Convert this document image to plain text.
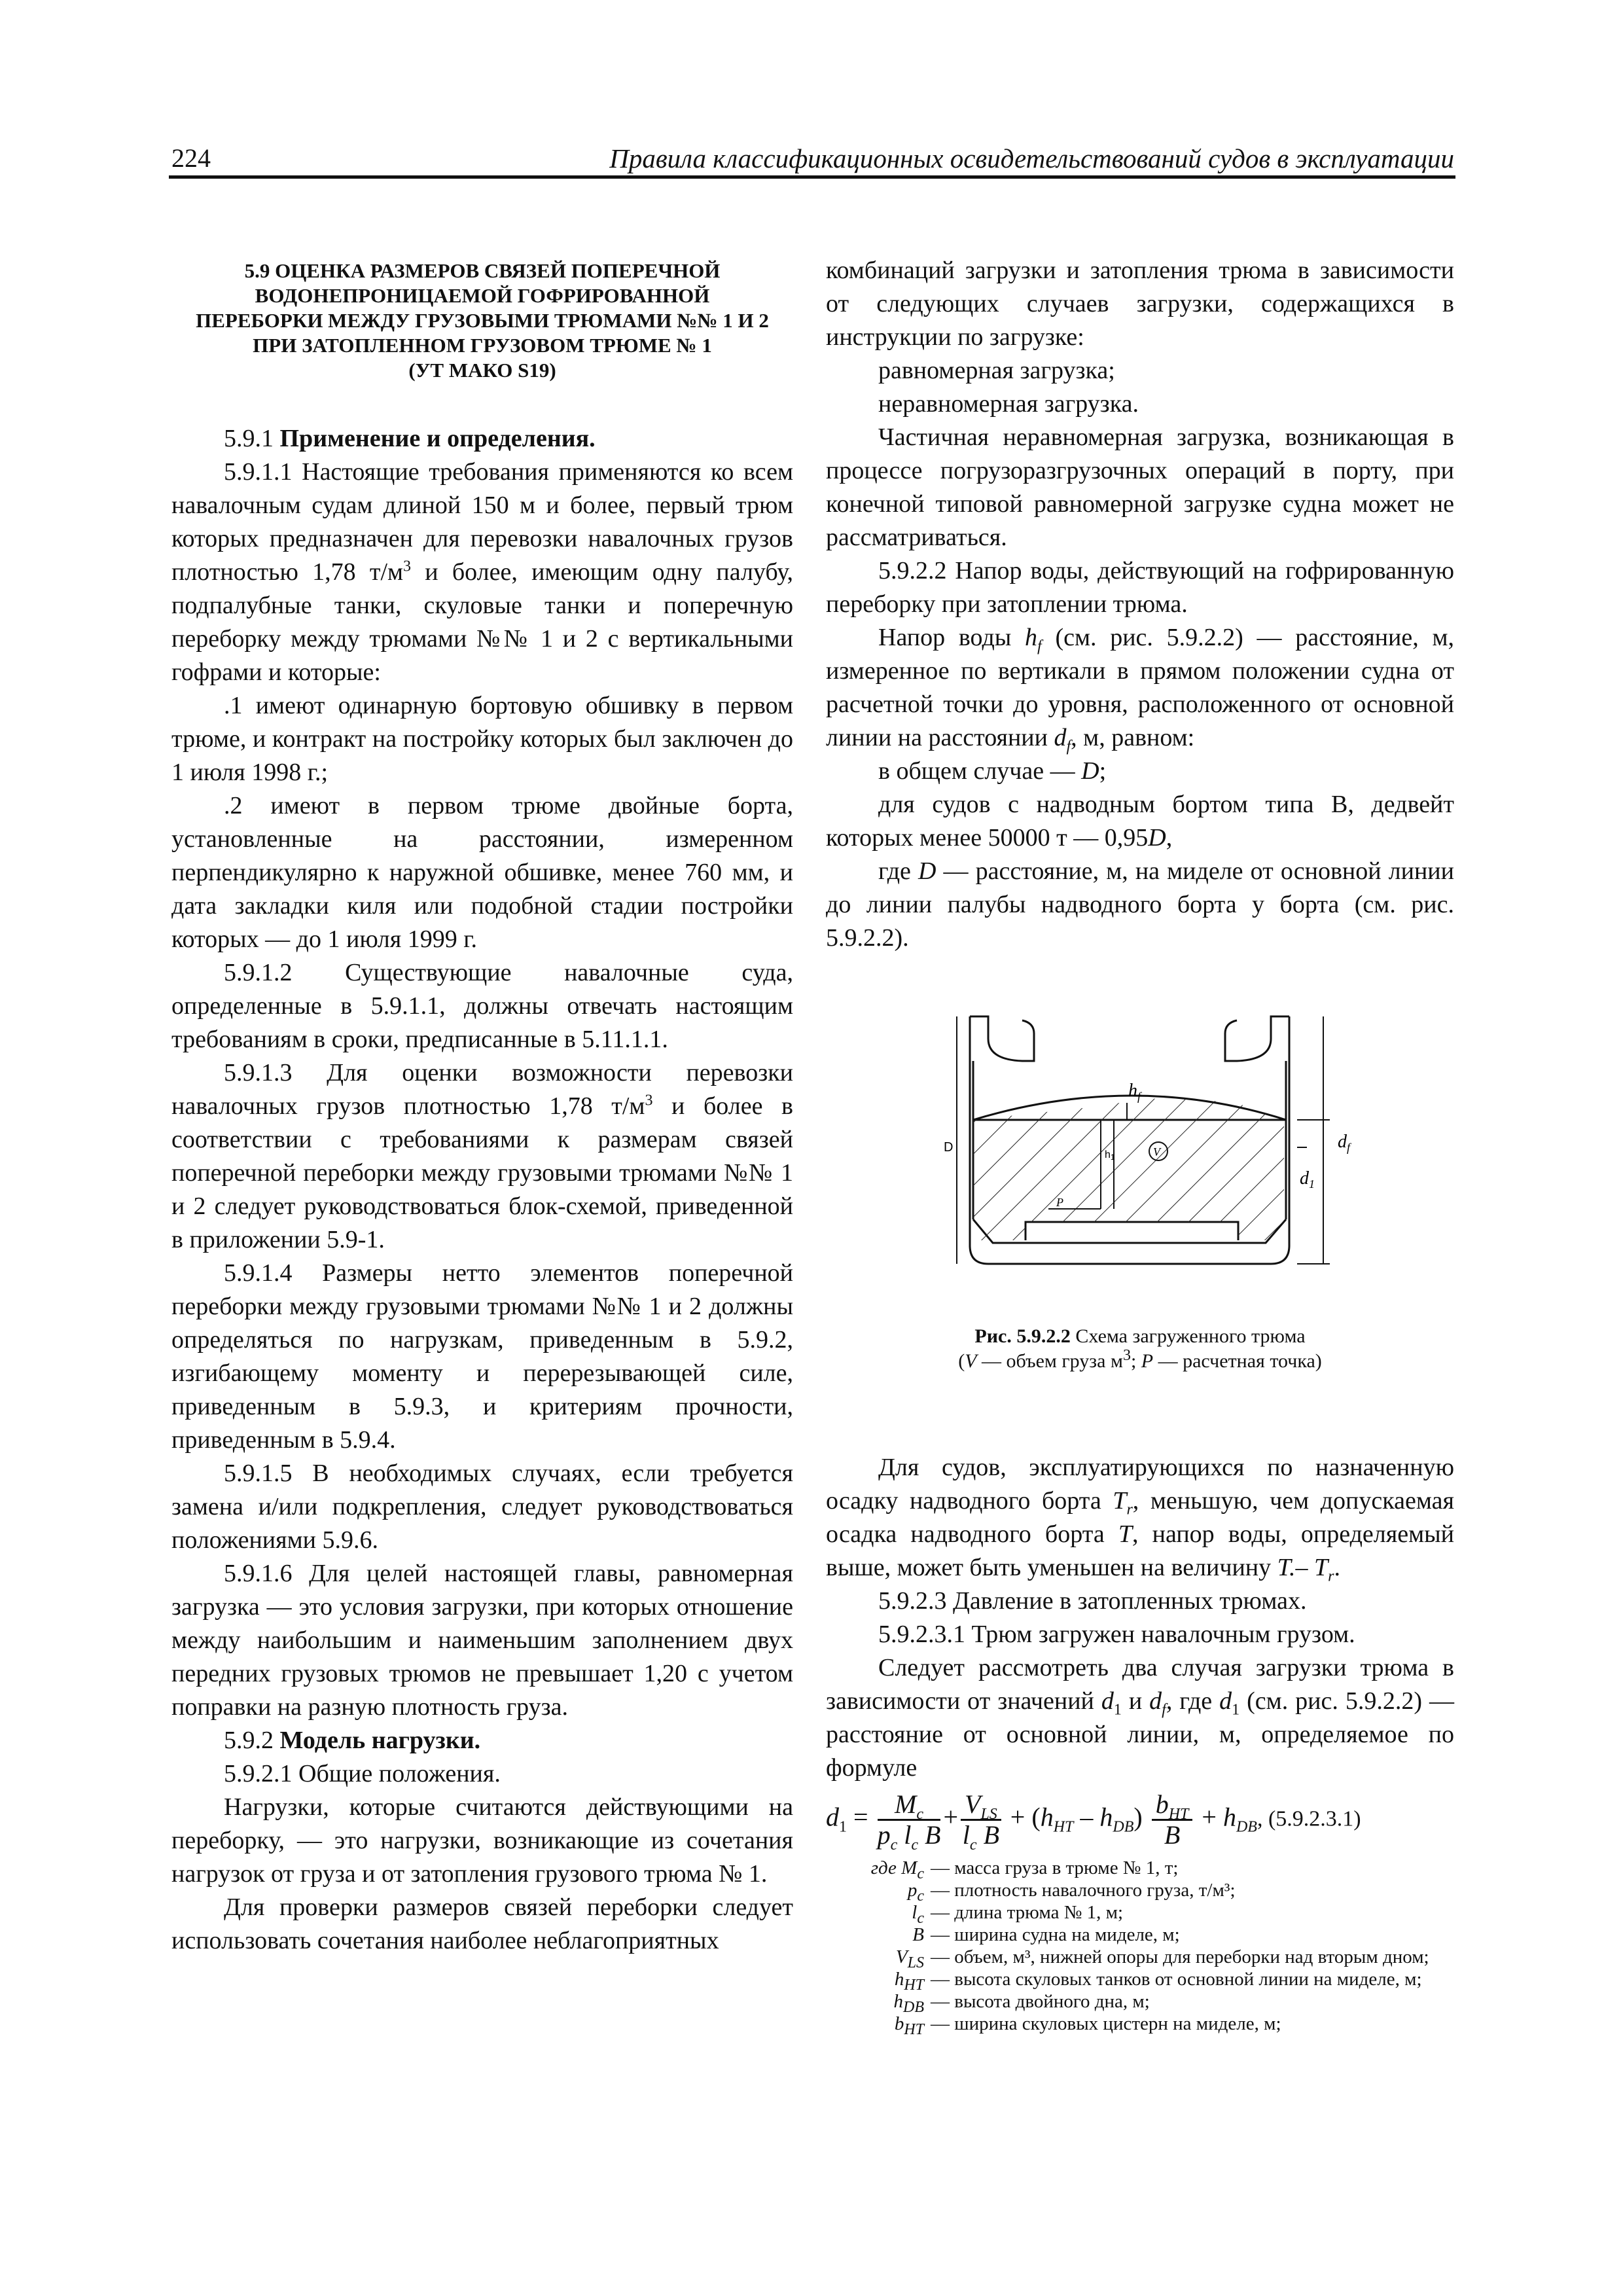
224	Правила классификационных освидетельствований судов в эксплуатации
5.9 ОЦЕНКА РАЗМЕРОВ СВЯЗЕЙ ПОПЕРЕЧНОЙ
ВОДОНЕПРОНИЦАЕМОЙ ГОФРИРОВАННОЙ
ПЕРЕБОРКИ МЕЖДУ ГРУЗОВЫМИ ТРЮМАМИ №№ 1 И 2
ПРИ ЗАТОПЛЕННОМ ГРУЗОВОМ ТРЮМЕ № 1
(УТ МАКО S19)

5.9.1 Применение и определения.

5.9.1.1 Настоящие требования применяются ко всем навалочным судам длиной 150 м и более, первый трюм которых предназначен для перевозки навалочных грузов плотностью 1,78 $т/м^3$ и более, имеющим одну палубу, подпалубные танки, скуловые танки и поперечную переборку между трюмами №№ 1 и 2 с вертикальными гофрами и которые:

.1 имеют одинарную бортовую обшивку в первом трюме, и контракт на постройку которых был заключен до 1 июля 1998 г.;

.2 имеют в первом трюме двойные борта, установленные на расстоянии, измеренном перпендикулярно к наружной обшивке, менее 760 мм, и дата закладки киля или подобной стадии постройки которых — до 1 июля 1999 г.

5.9.1.2 Существующие навалочные суда, определенные в 5.9.1.1, должны отвечать настоящим требованиям в сроки, предписанные в 5.11.1.1.

5.9.1.3 Для оценки возможности перевозки навалочных грузов плотностью 1,78 $т/м^3$ и более в соответствии с требованиями к размерам связей поперечной переборки между грузовыми трюмами №№ 1 и 2 следует руководствоваться блок-схемой, приведенной в приложении 5.9-1.

5.9.1.4 Размеры нетто элементов поперечной переборки между грузовыми трюмами №№ 1 и 2 должны определяться по нагрузкам, приведенным в 5.9.2, изгибающему моменту и перерезывающей силе, приведенным в 5.9.3, и критериям прочности, приведенным в 5.9.4.

5.9.1.5 В необходимых случаях, если требуется замена и/или подкрепления, следует руководствоваться положениями 5.9.6.

5.9.1.6 Для целей настоящей главы, равномерная загрузка — это условия загрузки, при которых отношение между наибольшим и наименьшим заполнением двух передних грузовых трюмов не превышает 1,20 с учетом поправки на разную плотность груза.

5.9.2 Модель нагрузки.

5.9.2.1 Общие положения.

Нагрузки, которые считаются действующими на переборку, — это нагрузки, возникающие из сочетания нагрузок от груза и от затопления грузового трюма № 1.

Для проверки размеров связей переборки следует использовать сочетания наиболее неблагоприятных

комбинаций загрузки и затопления трюма в зависимости от следующих случаев загрузки, содержащихся в инструкции по загрузке:

равномерная загрузка;

неравномерная загрузка.

Частичная неравномерная загрузка, возникающая в процессе погрузоразгрузочных операций в порту, при конечной типовой равномерной загрузке судна может не рассматриваться.

5.9.2.2 Напор воды, действующий на гофрированную переборку при затоплении трюма.

Напор воды $h_f$ (см. рис. 5.9.2.2) — расстояние, м, измеренное по вертикали в прямом положении судна от расчетной точки до уровня, расположенного от основной линии на расстоянии $d_f$, м, равном:

в общем случае — D;

для судов с надводным бортом типа В, дедвейт которых менее 50000 т — 0,95D,

где D — расстояние, м, на миделе от основной линии до линии палубы надводного борта у борта (см. рис. 5.9.2.2).

$h_f$
D
h1	V
P
$d_f$
$d_1$
Рис. 5.9.2.2 Схема загруженного трюма
(V — объем груза $м^3$; P — расчетная точка)

Для судов, эксплуатирующихся по назначенную осадку надводного борта $T_r$, меньшую, чем допускаемая осадка надводного борта T, напор воды, определяемый выше, может быть уменьшен на величину T.– $T_r$.

5.9.2.3 Давление в затопленных трюмах.

5.9.2.3.1 Трюм загружен навалочным грузом.

Следует рассмотреть два случая загрузки трюма в зависимости от значений $d_1$ и $d_f$, где $d_1$ (см. рис. 5.9.2.2) — расстояние от основной линии, м, определяемое по формуле

$d_1 = \frac{M_c}{p_c l_c B} + \frac{V_{LS}}{l_c B} + (h_{HT} - h_{DB}) \frac{b_{HT}}{B} + h_{DB}$, (5.9.2.3.1)
где $M_c$ — масса груза в трюме № 1, т;
$p_c$ — плотность навалочного груза, т/м³;
$l_c$ — длина трюма № 1, м;
B — ширина судна на миделе, м;
$V_{LS}$ — объем, м³, нижней опоры для переборки над вторым дном;
$h_{HT}$ — высота скуловых танков от основной линии на миделе, м;
$h_{DB}$ — высота двойного дна, м;
$b_{HT}$ — ширина скуловых цистерн на миделе, м;
